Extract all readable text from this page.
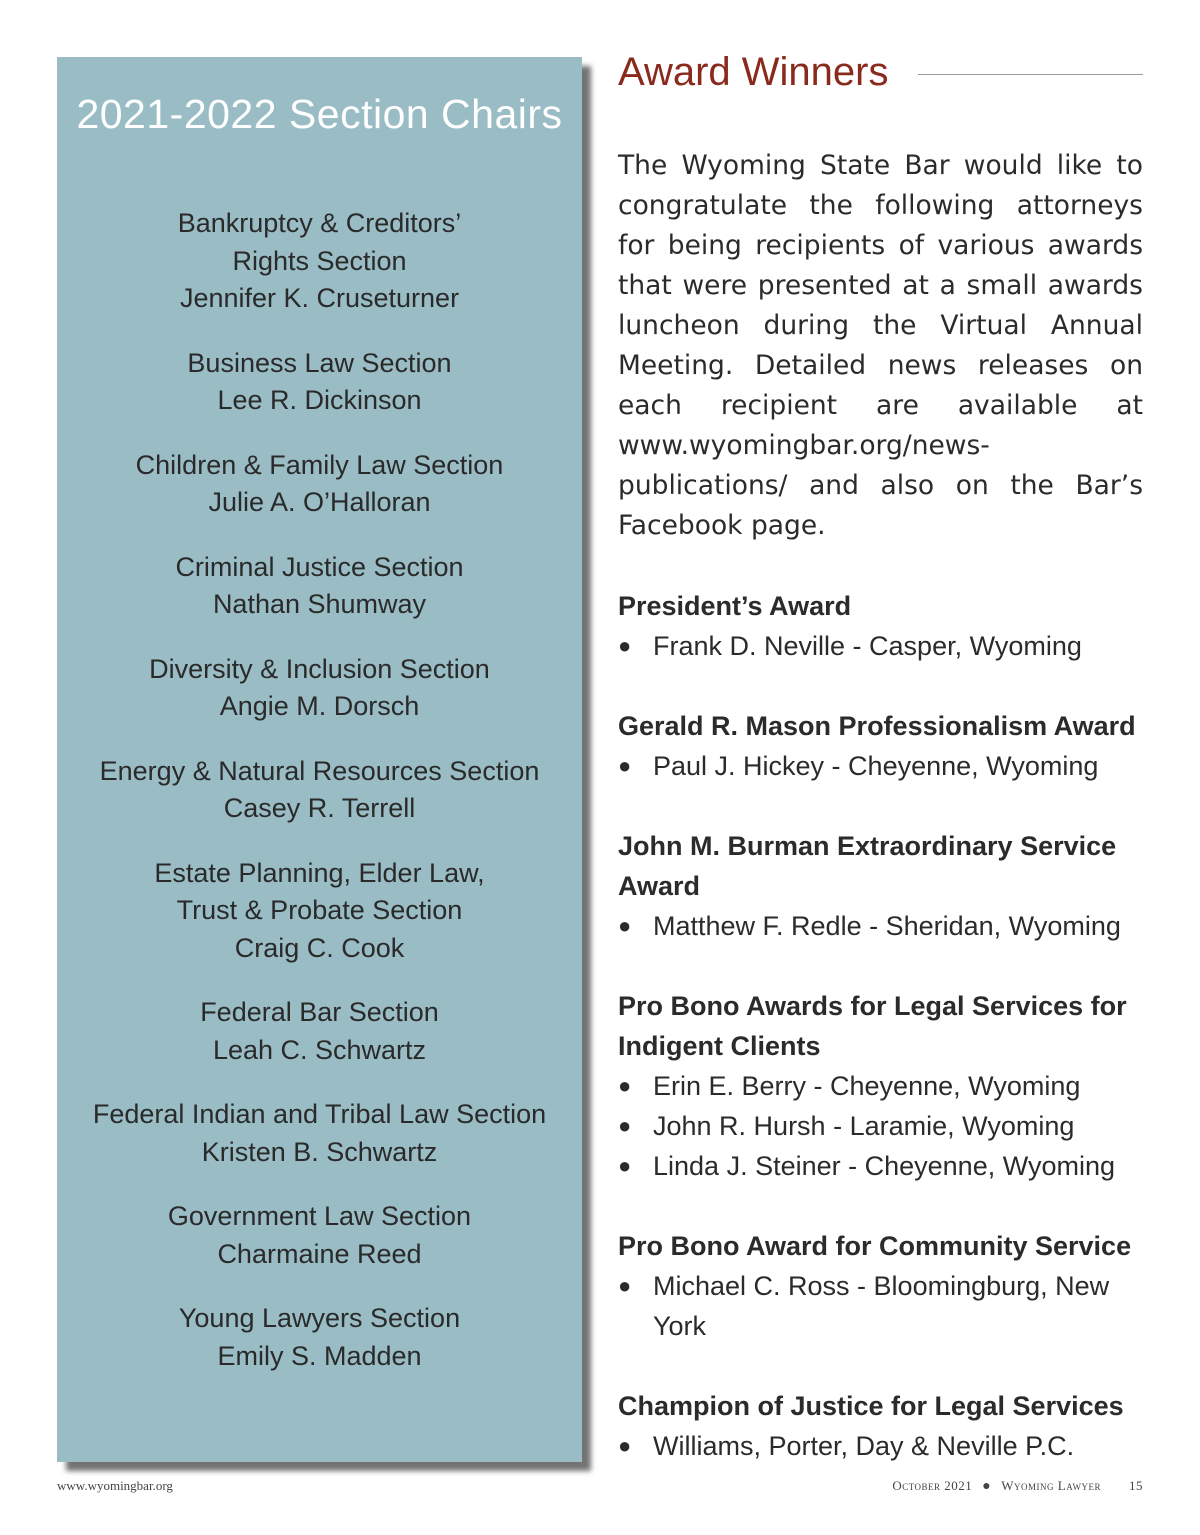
2021-2022 Section Chairs
Bankruptcy & Creditors’
Rights Section
Jennifer K. Cruseturner
Business Law Section
Lee R. Dickinson
Children & Family Law Section
Julie A. O’Halloran
Criminal Justice Section
Nathan Shumway
Diversity & Inclusion Section
Angie M. Dorsch
Energy & Natural Resources Section
Casey R. Terrell
Estate Planning, Elder Law,
Trust & Probate Section
Craig C. Cook
Federal Bar Section
Leah C. Schwartz
Federal Indian and Tribal Law Section
Kristen B. Schwartz
Government Law Section
Charmaine Reed
Young Lawyers Section
Emily S. Madden
Award Winners
The Wyoming State Bar would like to congratulate the following attorneys for being recipients of various awards that were presented at a small awards luncheon during the Virtual Annual Meeting. Detailed news releases on each recipient are available at www.wyomingbar.org/news-publications/ and also on the Bar’s Facebook page.
President’s Award
● Frank D. Neville - Casper, Wyoming
Gerald R. Mason Professionalism Award
● Paul J. Hickey - Cheyenne, Wyoming
John M. Burman Extraordinary Service Award
● Matthew F. Redle - Sheridan, Wyoming
Pro Bono Awards for Legal Services for Indigent Clients
● Erin E. Berry - Cheyenne, Wyoming
● John R. Hursh - Laramie, Wyoming
● Linda J. Steiner - Cheyenne, Wyoming
Pro Bono Award for Community Service
● Michael C. Ross - Bloomingburg, New York
Champion of Justice for Legal Services
● Williams, Porter, Day & Neville P.C.
www.wyomingbar.org	October 2021 ● Wyoming Lawyer 15
